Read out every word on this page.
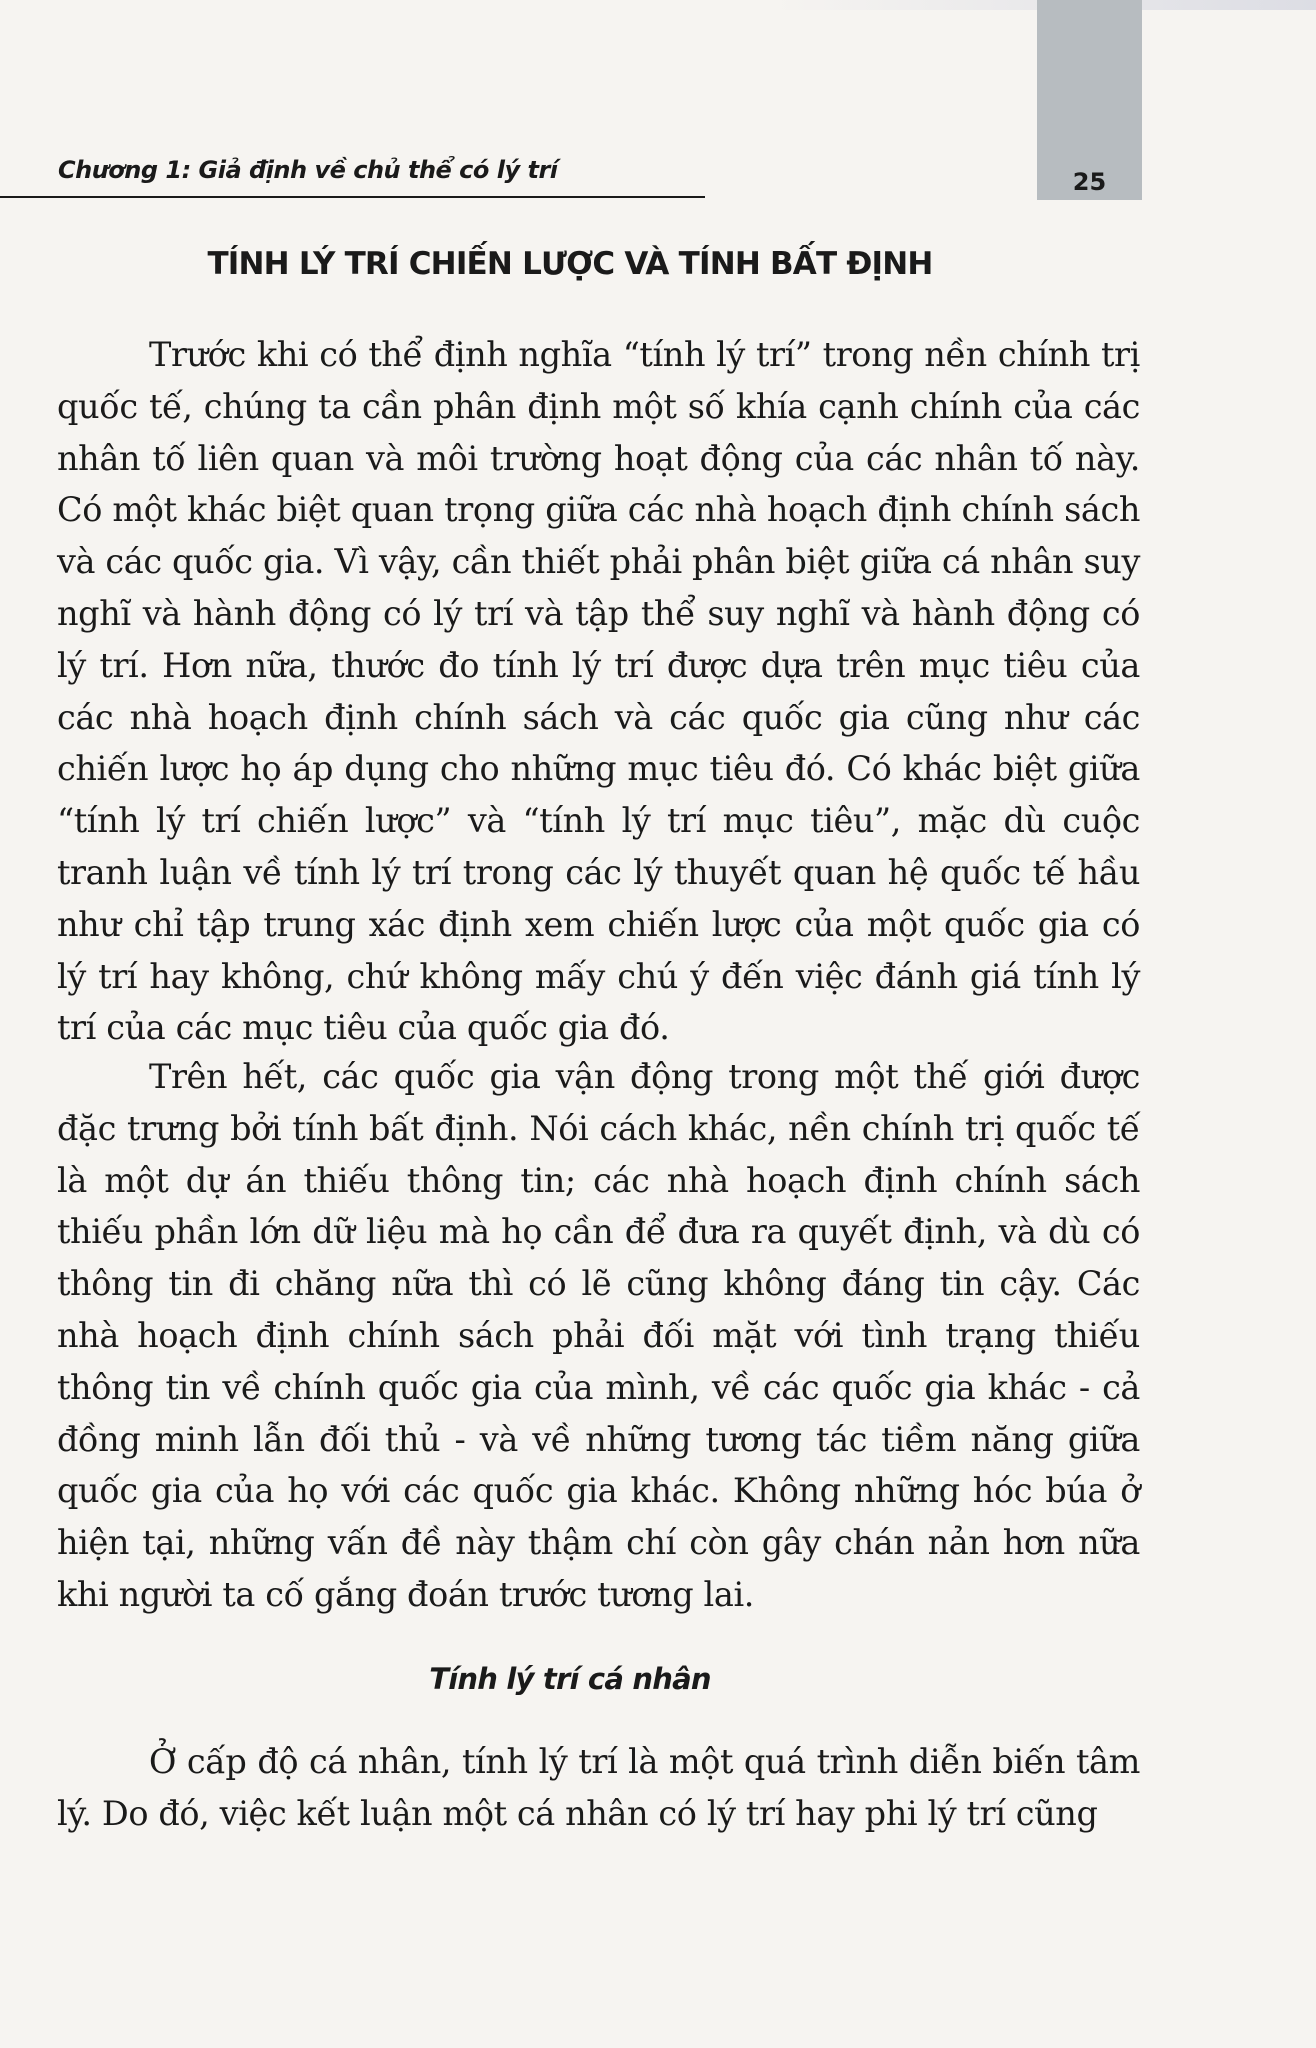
Chương 1: Giả định về chủ thể có lý trí	25
TÍNH LÝ TRÍ CHIẾN LƯỢC VÀ TÍNH BẤT ĐỊNH

Trước khi có thể định nghĩa “tính lý trí” trong nền chính trị quốc tế, chúng ta cần phân định một số khía cạnh chính của các nhân tố liên quan và môi trường hoạt động của các nhân tố này. Có một khác biệt quan trọng giữa các nhà hoạch định chính sách và các quốc gia. Vì vậy, cần thiết phải phân biệt giữa cá nhân suy nghĩ và hành động có lý trí và tập thể suy nghĩ và hành động có lý trí. Hơn nữa, thước đo tính lý trí được dựa trên mục tiêu của các nhà hoạch định chính sách và các quốc gia cũng như các chiến lược họ áp dụng cho những mục tiêu đó. Có khác biệt giữa “tính lý trí chiến lược” và “tính lý trí mục tiêu”, mặc dù cuộc tranh luận về tính lý trí trong các lý thuyết quan hệ quốc tế hầu như chỉ tập trung xác định xem chiến lược của một quốc gia có lý trí hay không, chứ không mấy chú ý đến việc đánh giá tính lý trí của các mục tiêu của quốc gia đó.

Trên hết, các quốc gia vận động trong một thế giới được đặc trưng bởi tính bất định. Nói cách khác, nền chính trị quốc tế là một dự án thiếu thông tin; các nhà hoạch định chính sách thiếu phần lớn dữ liệu mà họ cần để đưa ra quyết định, và dù có thông tin đi chăng nữa thì có lẽ cũng không đáng tin cậy. Các nhà hoạch định chính sách phải đối mặt với tình trạng thiếu thông tin về chính quốc gia của mình, về các quốc gia khác - cả đồng minh lẫn đối thủ - và về những tương tác tiềm năng giữa quốc gia của họ với các quốc gia khác. Không những hóc búa ở hiện tại, những vấn đề này thậm chí còn gây chán nản hơn nữa khi người ta cố gắng đoán trước tương lai.

Tính lý trí cá nhân

Ở cấp độ cá nhân, tính lý trí là một quá trình diễn biến tâm lý. Do đó, việc kết luận một cá nhân có lý trí hay phi lý trí cũng
